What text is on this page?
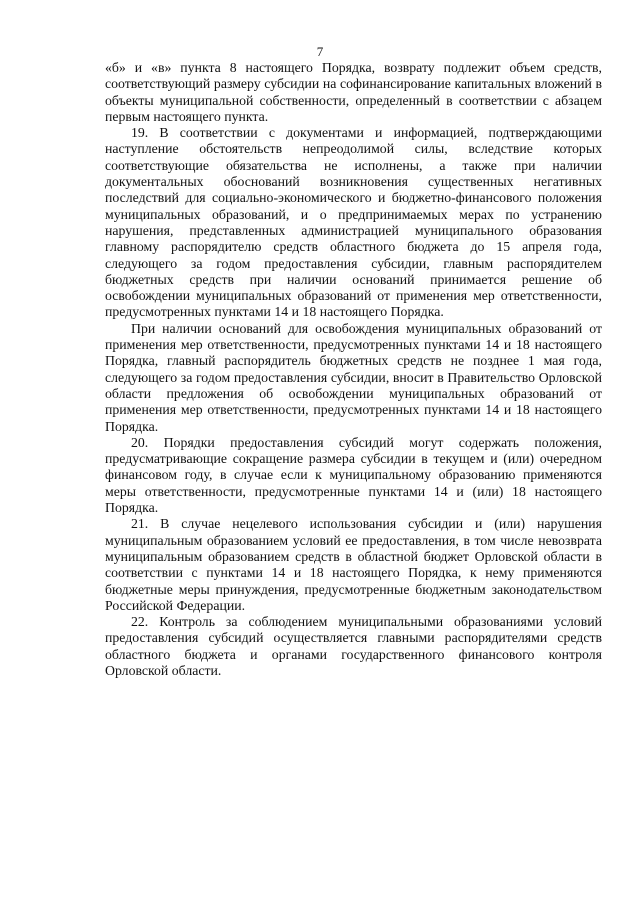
7

«б» и «в» пункта 8 настоящего Порядка, возврату подлежит объем средств, соответствующий размеру субсидии на софинансирование капитальных вложений в объекты муниципальной собственности, определенный в соответствии с абзацем первым настоящего пункта.

19. В соответствии с документами и информацией, подтверждающими наступление обстоятельств непреодолимой силы, вследствие которых соответствующие обязательства не исполнены, а также при наличии документальных обоснований возникновения существенных негативных последствий для социально-экономического и бюджетно-финансового положения муниципальных образований, и о предпринимаемых мерах по устранению нарушения, представленных администрацией муниципального образования главному распорядителю средств областного бюджета до 15 апреля года, следующего за годом предоставления субсидии, главным распорядителем бюджетных средств при наличии оснований принимается решение об освобождении муниципальных образований от применения мер ответственности, предусмотренных пунктами 14 и 18 настоящего Порядка.

При наличии оснований для освобождения муниципальных образований от применения мер ответственности, предусмотренных пунктами 14 и 18 настоящего Порядка, главный распорядитель бюджетных средств не позднее 1 мая года, следующего за годом предоставления субсидии, вносит в Правительство Орловской области предложения об освобождении муниципальных образований от применения мер ответственности, предусмотренных пунктами 14 и 18 настоящего Порядка.

20. Порядки предоставления субсидий могут содержать положения, предусматривающие сокращение размера субсидии в текущем и (или) очередном финансовом году, в случае если к муниципальному образованию применяются меры ответственности, предусмотренные пунктами 14 и (или) 18 настоящего Порядка.

21. В случае нецелевого использования субсидии и (или) нарушения муниципальным образованием условий ее предоставления, в том числе невозврата муниципальным образованием средств в областной бюджет Орловской области в соответствии с пунктами 14 и 18 настоящего Порядка, к нему применяются бюджетные меры принуждения, предусмотренные бюджетным законодательством Российской Федерации.

22. Контроль за соблюдением муниципальными образованиями условий предоставления субсидий осуществляется главными распорядителями средств областного бюджета и органами государственного финансового контроля Орловской области.
